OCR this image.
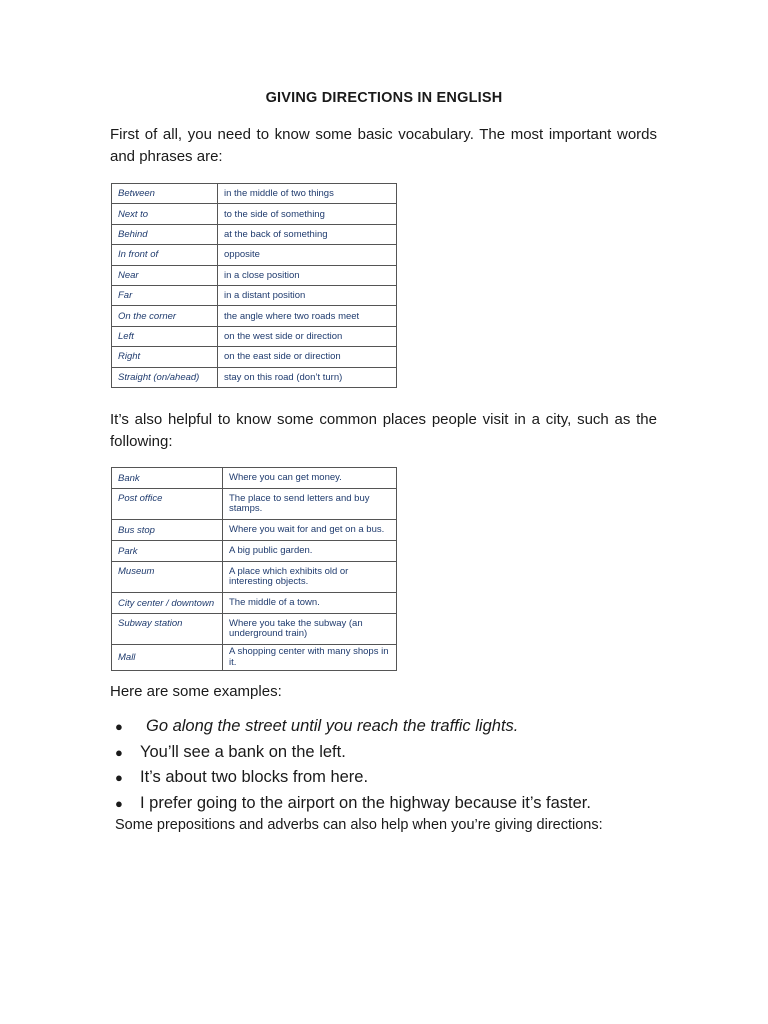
GIVING DIRECTIONS IN ENGLISH
First of all, you need to know some basic vocabulary. The most important words and phrases are:
Between	in the middle of two things
Next to	to the side of something
Behind	at the back of something
In front of	opposite
Near	in a close position
Far	in a distant position
On the corner	the angle where two roads meet
Left	on the west side or direction
Right	on the east side or direction
Straight (on/ahead)	stay on this road (don’t turn)
It’s also helpful to know some common places people visit in a city, such as the following:
Bank	Where you can get money.
Post office	The place to send letters and buy stamps.
Bus stop	Where you wait for and get on a bus.
Park	A big public garden.
Museum	A place which exhibits old or interesting objects.
City center / downtown	The middle of a town.
Subway station	Where you take the subway (an underground train)
Mall	A shopping center with many shops in it.
Here are some examples:
● Go along the street until you reach the traffic lights.
● You’ll see a bank on the left.
● It’s about two blocks from here.
● I prefer going to the airport on the highway because it’s faster.
Some prepositions and adverbs can also help when you’re giving directions:
